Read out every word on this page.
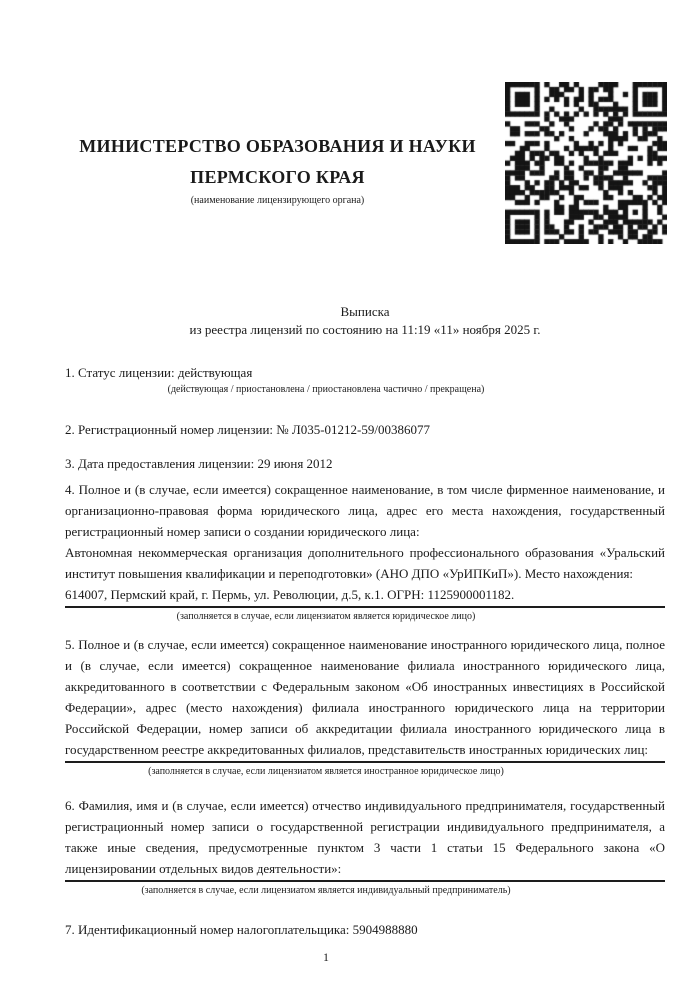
МИНИСТЕРСТВО ОБРАЗОВАНИЯ И НАУКИ
ПЕРМСКОГО КРАЯ
(наименование лицензирующего органа)
Выписка
из реестра лицензий по состоянию на 11:19 «11» ноября 2025 г.
1. Статус лицензии: действующая
(действующая / приостановлена / приостановлена частично / прекращена)
2. Регистрационный номер лицензии: № Л035-01212-59/00386077
3. Дата предоставления лицензии: 29 июня 2012
4. Полное и (в случае, если имеется) сокращенное наименование, в том числе фирменное наименование, и организационно-правовая форма юридического лица, адрес его места нахождения, государственный регистрационный номер записи о создании юридического лица:
Автономная некоммерческая организация дополнительного профессионального образования «Уральский институт повышения квалификации и переподготовки» (АНО ДПО «УрИПКиП»). Место нахождения:
614007, Пермский край, г. Пермь, ул. Революции, д.5, к.1. ОГРН: 1125900001182.
(заполняется в случае, если лицензиатом является юридическое лицо)
5. Полное и (в случае, если имеется) сокращенное наименование иностранного юридического лица, полное и (в случае, если имеется) сокращенное наименование филиала иностранного юридического лица, аккредитованного в соответствии с Федеральным законом «Об иностранных инвестициях в Российской Федерации», адрес (место нахождения) филиала иностранного юридического лица на территории Российской Федерации, номер записи об аккредитации филиала иностранного юридического лица в государственном реестре аккредитованных филиалов, представительств иностранных юридических лиц:
(заполняется в случае, если лицензиатом является иностранное юридическое лицо)
6. Фамилия, имя и (в случае, если имеется) отчество индивидуального предпринимателя, государственный регистрационный номер записи о государственной регистрации индивидуального предпринимателя, а также иные сведения, предусмотренные пунктом 3 части 1 статьи 15 Федерального закона «О лицензировании отдельных видов деятельности»:
(заполняется в случае, если лицензиатом является индивидуальный предприниматель)
7. Идентификационный номер налогоплательщика: 5904988880
1
